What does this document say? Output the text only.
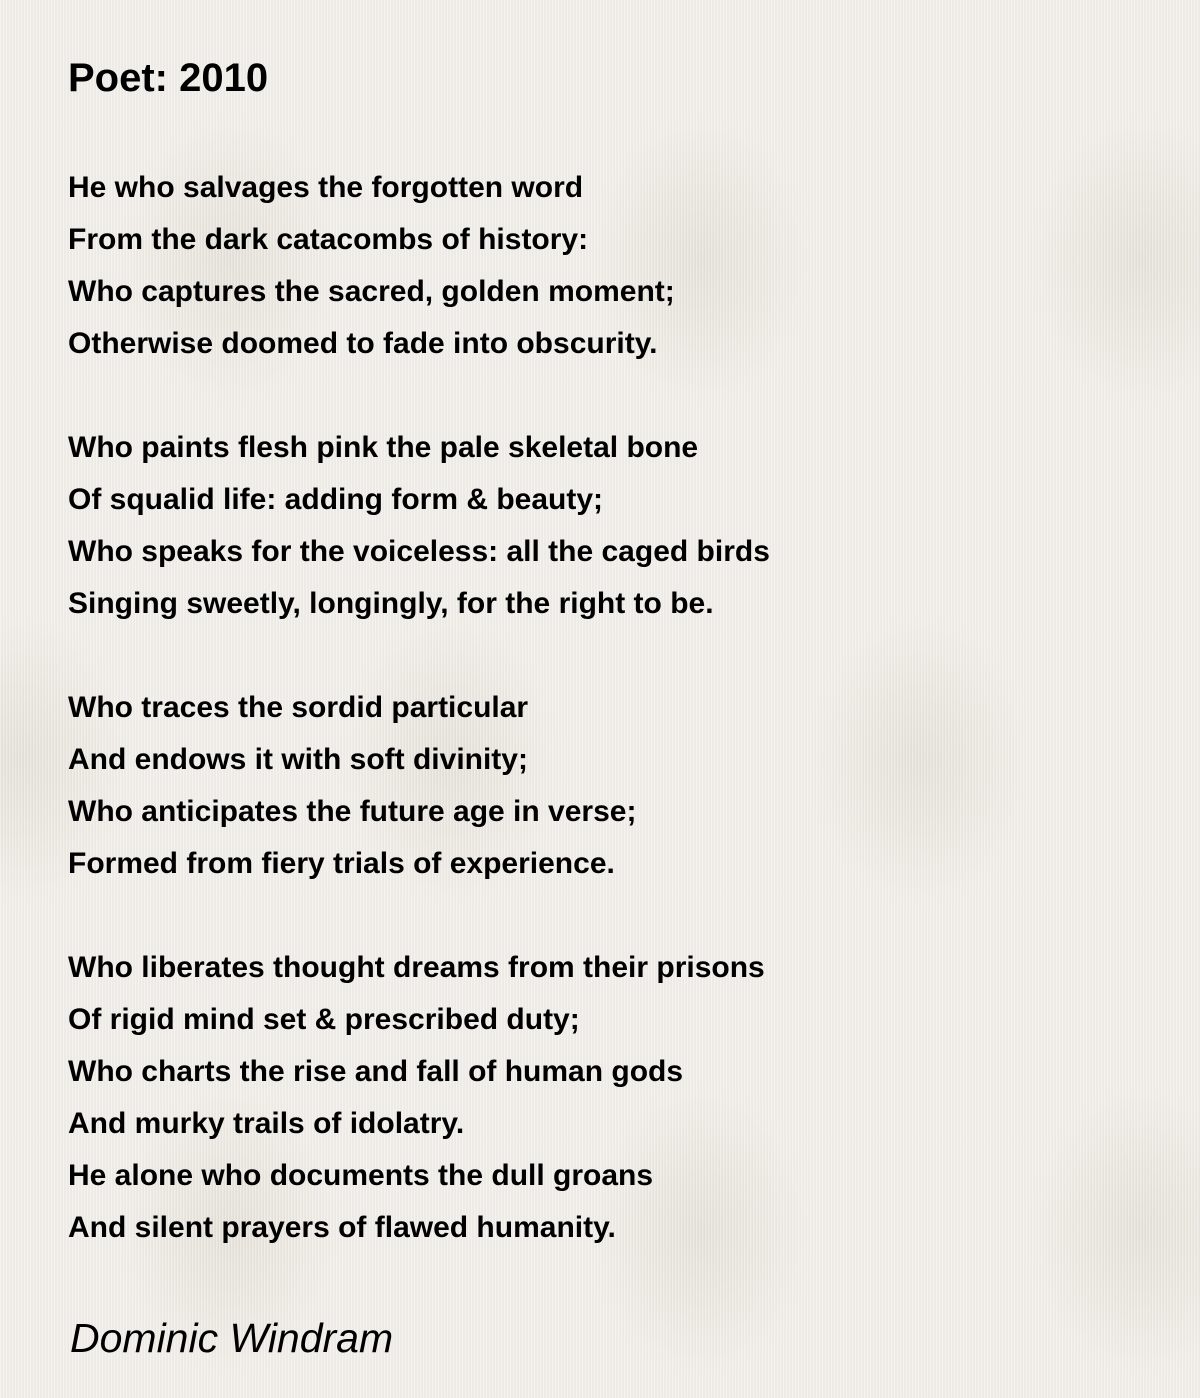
Poet: 2010
He who salvages the forgotten word
From the dark catacombs of history:
Who captures the sacred, golden moment;
Otherwise doomed to fade into obscurity.
Who paints flesh pink the pale skeletal bone
Of squalid life: adding form & beauty;
Who speaks for the voiceless: all the caged birds
Singing sweetly, longingly, for the right to be.
Who traces the sordid particular
And endows it with soft divinity;
Who anticipates the future age in verse;
Formed from fiery trials of experience.
Who liberates thought dreams from their prisons
Of rigid mind set & prescribed duty;
Who charts the rise and fall of human gods
And murky trails of idolatry.
He alone who documents the dull groans
And silent prayers of flawed humanity.
Dominic Windram
